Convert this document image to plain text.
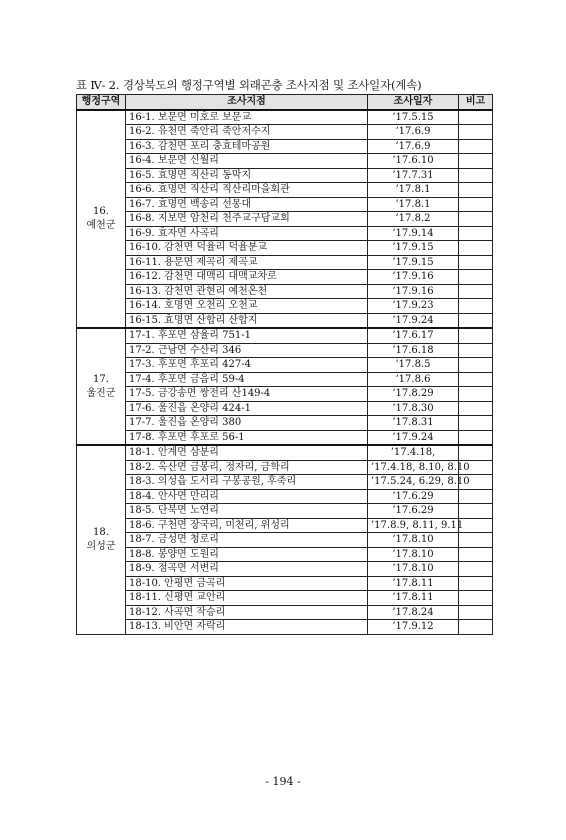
표 Ⅳ- 2. 경상북도의 행정구역별 외래곤충 조사지점 및 조사일자(계속)
행정구역	조사지점	조사일자	비고
16.
예천군	16-1. 보문면 미호로 보문교	’17.5.15	
	16-2. 유천면 죽안리 죽안저수지	’17.6.9	
	16-3. 감천면 포리 충효테마공원	’17.6.9	
	16-4. 보문면 신월리	’17.6.10	
	16-5. 효명면 직산리 동막지	’17.7.31	
	16-6. 효명면 직산리 직산리마을회관	’17.8.1	
	16-7. 효명면 백송리 선몽대	’17.8.1	
	16-8. 지보면 암천리 천주교구담교회	’17.8.2	
	16-9. 효자면 사곡리	’17.9.14	
	16-10. 감천면 덕율리 덕율분교	’17.9.15	
	16-11. 용문면 제곡리 제곡교	’17.9.15	
	16-12. 감천면 대맥리 대맥교차로	’17.9.16	
	16-13. 감천면 관현리 예천온천	’17.9.16	
	16-14. 호명면 오천리 오천교	’17.9.23	
	16-15. 효명면 산합리 산합지	’17.9.24	
17.
울진군	17-1. 후포면 삼율리 751-1	’17.6.17	
	17-2. 근남면 수산리 346	’17.6.18	
	17-3. 후포면 후포리 427-4	’17.8.5	
	17-4. 후포면 금음리 59-4	’17.8.6	
	17-5. 금강송면 쌍전리 산149-4	’17.8.29	
	17-6. 울진읍 온양리 424-1	’17.8.30	
	17-7. 울진읍 온양리 380	’17.8.31	
	17-8. 후포면 후포로 56-1	’17.9.24	
18.
의성군	18-1. 안계면 삼분리	’17.4.18,	
	18-2. 옥산면 금봉리, 정자리, 금학리	’17.4.18, 8.10, 8.10	
	18-3. 의성읍 도서리 구봉공원, 후죽리	’17.5.24, 6.29, 8.10	
	18-4. 안사면 만리리	’17.6.29	
	18-5. 단북면 노연리	’17.6.29	
	18-6. 구천면 장국리, 미천리, 위성리	’17.8.9, 8.11, 9.11	
	18-7. 금성면 청로리	’17.8.10	
	18-8. 봉양면 도원리	’17.8.10	
	18-9. 점곡면 서변리	’17.8.10	
	18-10. 안평면 금곡리	’17.8.11	
	18-11. 신평면 교안리	’17.8.11	
	18-12. 사곡면 작승리	’17.8.24	
	18-13. 비안면 자락리	’17.9.12	
- 194 -
